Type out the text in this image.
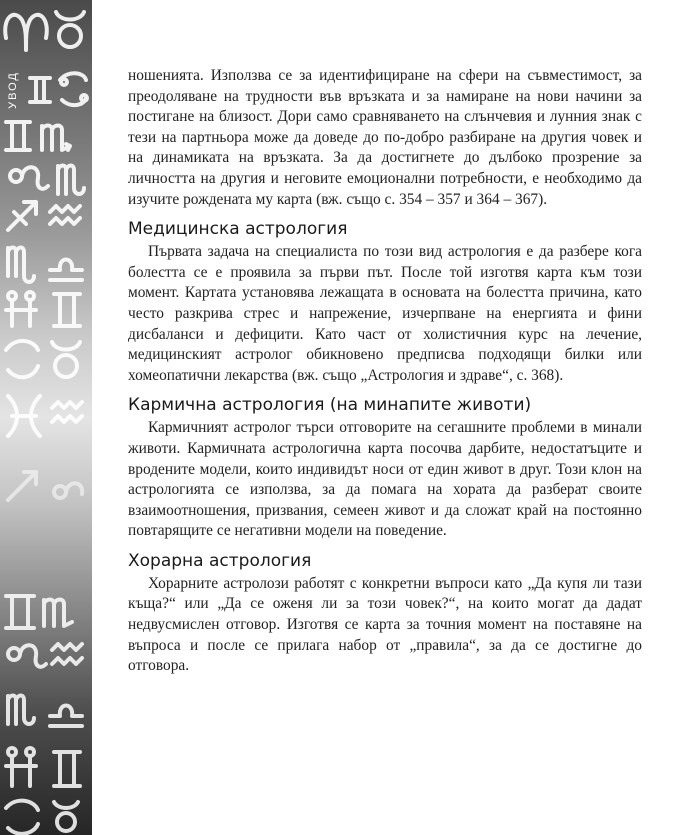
УВОД	ношенията. Използва се за идентифициране на сфери на съвместимост, за преодоляване на трудности във връзката и за намиране на нови начини за постигане на близост. Дори само сравняването на слънчевия и лунния знак с тези на партньора може да доведе до по-добро разбиране на другия човек и на динамиката на връзката. За да достигнете до дълбоко прозрение за личността на другия и неговите емоционални потребности, е необходимо да изучите рождената му карта (вж. също с. 354 – 357 и 364 – 367).

Медицинска астрология

Първата задача на специалиста по този вид астрология е да разбере кога болестта се е проявила за първи път. После той изготвя карта към този момент. Картата установява лежащата в основата на болестта причина, като често разкрива стрес и напрежение, изчерпване на енергията и фини дисбаланси и дефицити. Като част от холистичния курс на лечение, медицинският астролог обикновено предписва подходящи билки или хомеопатични лекарства (вж. също „Астрология и здраве“, с. 368).

Кармична астрология (на минапите животи)

Кармичният астролог търси отговорите на сегашните проблеми в минали животи. Кармичната астрологична карта посочва дарбите, недостатъците и вродените модели, които индивидът носи от един живот в друг. Този клон на астрологията се използва, за да помага на хората да разберат своите взаимоотношения, призвания, семеен живот и да сложат край на постоянно повтарящите се негативни модели на поведение.

Хорарна астрология

Хорарните астролози работят с конкретни въпроси като „Да купя ли тази къща?“ или „Да се оженя ли за този човек?“, на които могат да дадат недвусмислен отговор. Изготвя се карта за точния момент на поставяне на въпроса и после се прилага набор от „правила“, за да се достигне до отговора.
